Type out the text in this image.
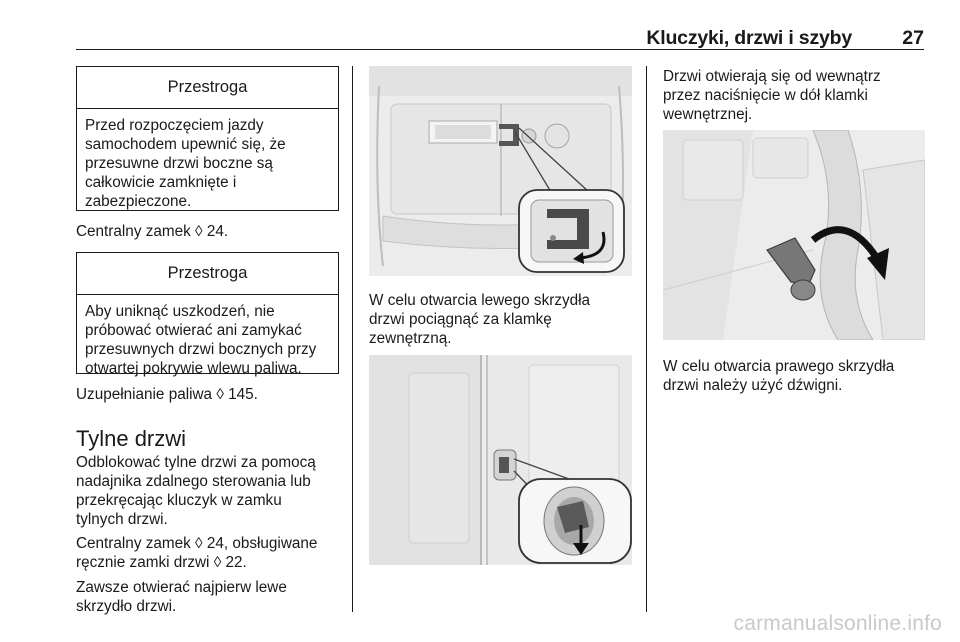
Kluczyki, drzwi i szyby	27
Przestroga
Przed rozpoczęciem jazdy
samochodem upewnić się, że
przesuwne drzwi boczne są
całkowicie zamknięte i
zabezpieczone.
Centralny zamek ◊ 24.
Przestroga
Aby uniknąć uszkodzeń, nie
próbować otwierać ani zamykać
przesuwnych drzwi bocznych przy
otwartej pokrywie wlewu paliwa.
Uzupełnianie paliwa ◊ 145.
Tylne drzwi
Odblokować tylne drzwi za pomocą
nadajnika zdalnego sterowania lub
przekręcając kluczyk w zamku
tylnych drzwi.
Centralny zamek ◊ 24, obsługiwane
ręcznie zamki drzwi ◊ 22.
Zawsze otwierać najpierw lewe
skrzydło drzwi.
W celu otwarcia lewego skrzydła
drzwi pociągnąć za klamkę
zewnętrzną.
Drzwi otwierają się od wewnątrz
przez naciśnięcie w dół klamki
wewnętrznej.
W celu otwarcia prawego skrzydła
drzwi należy użyć dźwigni.
carmanualsonline.info
